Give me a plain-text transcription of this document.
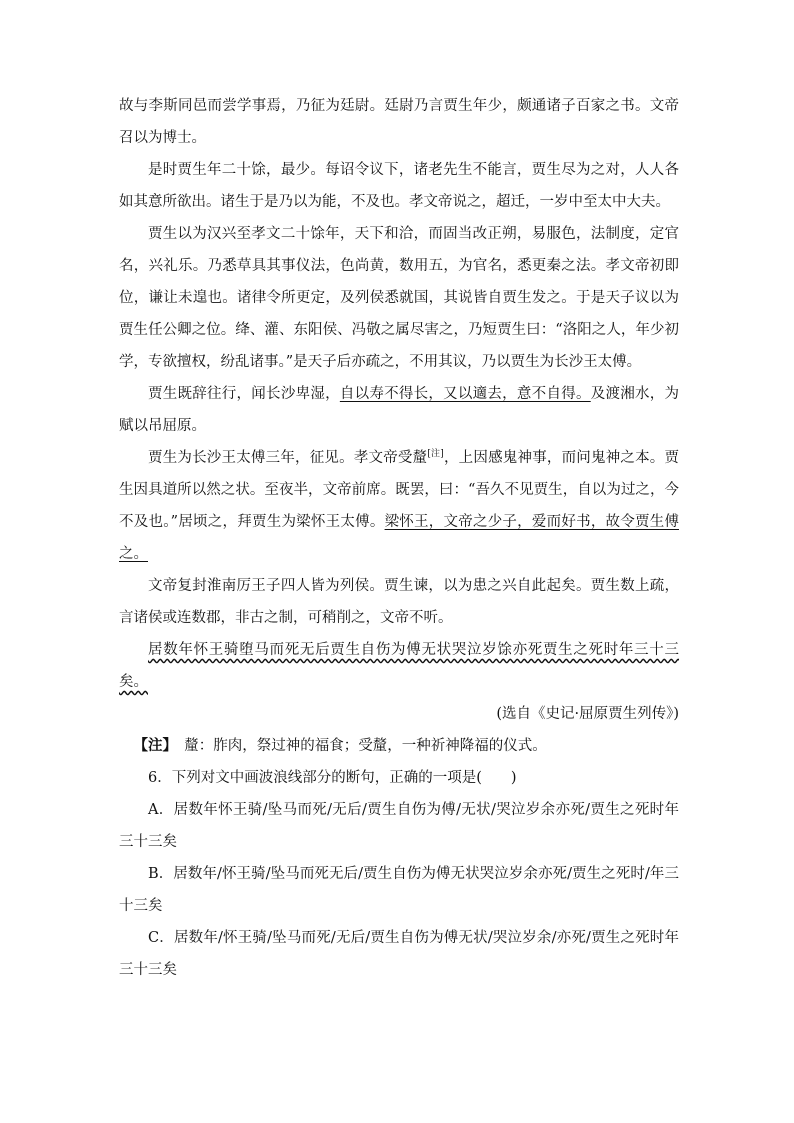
故与李斯同邑而尝学事焉，乃征为廷尉。廷尉乃言贾生年少，颇通诸子百家之书。文帝召以为博士。

是时贾生年二十馀，最少。每诏令议下，诸老先生不能言，贾生尽为之对，人人各如其意所欲出。诸生于是乃以为能，不及也。孝文帝说之，超迁，一岁中至太中大夫。

贾生以为汉兴至孝文二十馀年，天下和洽，而固当改正朔，易服色，法制度，定官名，兴礼乐。乃悉草具其事仪法，色尚黄，数用五，为官名，悉更秦之法。孝文帝初即位，谦让未遑也。诸律令所更定，及列侯悉就国，其说皆自贾生发之。于是天子议以为贾生任公卿之位。绛、灌、东阳侯、冯敬之属尽害之，乃短贾生曰：“洛阳之人，年少初学，专欲擅权，纷乱诸事。”是天子后亦疏之，不用其议，乃以贾生为长沙王太傅。

贾生既辞往行，闻长沙卑湿，自以寿不得长，又以適去，意不自得。及渡湘水，为赋以吊屈原。

贾生为长沙王太傅三年，征见。孝文帝受釐[注]，上因感鬼神事，而问鬼神之本。贾生因具道所以然之状。至夜半，文帝前席。既罢，曰：“吾久不见贾生，自以为过之，今不及也。”居顷之，拜贾生为梁怀王太傅。梁怀王，文帝之少子，爱而好书，故令贾生傅之。

文帝复封淮南厉王子四人皆为列侯。贾生谏，以为患之兴自此起矣。贾生数上疏，言诸侯或连数郡，非古之制，可稍削之，文帝不听。

居数年怀王骑堕马而死无后贾生自伤为傅无状哭泣岁馀亦死贾生之死时年三十三矣。

(选自《史记·屈原贾生列传》)

【注】　 釐：胙肉，祭过神的福食；受釐，一种祈神降福的仪式。

6．下列对文中画波浪线部分的断句，正确的一项是(　　)

A．居数年怀王骑/坠马而死/无后/贾生自伤为傅/无状/哭泣岁余亦死/贾生之死时年三十三矣

B．居数年/怀王骑/坠马而死无后/贾生自伤为傅无状哭泣岁余亦死/贾生之死时/年三十三矣

C．居数年/怀王骑/坠马而死/无后/贾生自伤为傅无状/哭泣岁余/亦死/贾生之死时年三十三矣
